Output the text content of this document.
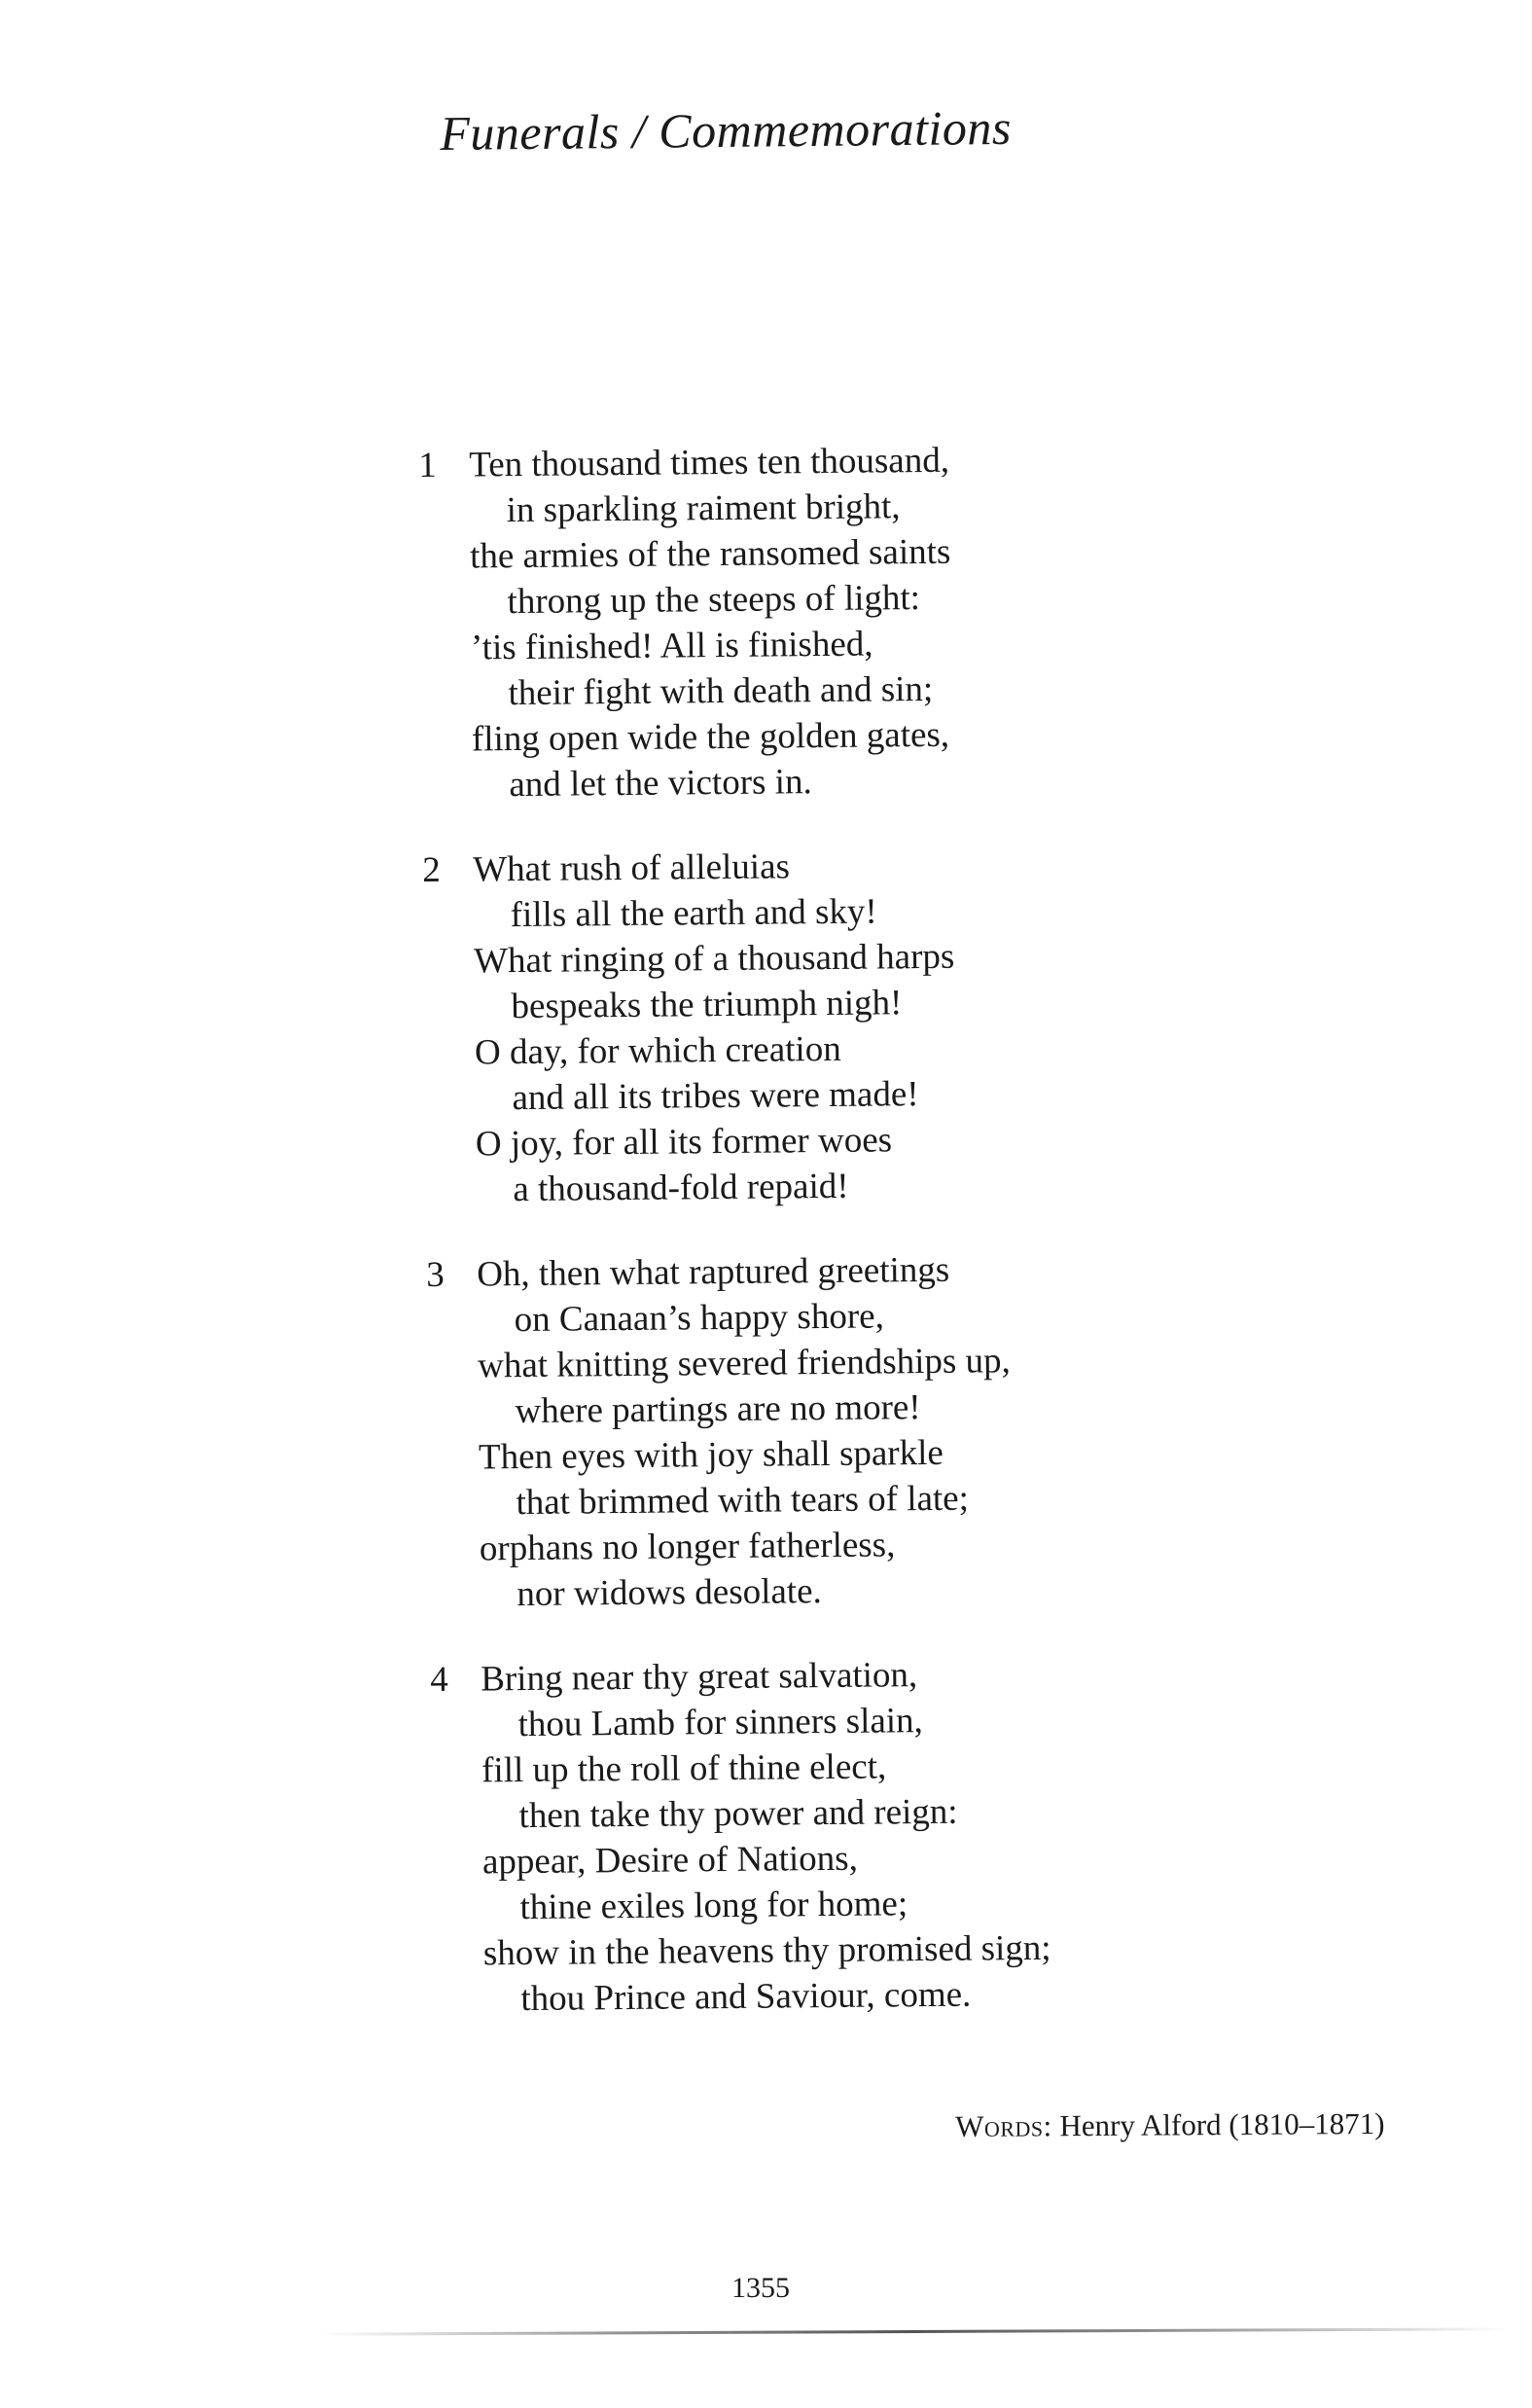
Funerals / Commemorations
1 Ten thousand times ten thousand,
in sparkling raiment bright,
the armies of the ransomed saints
throng up the steeps of light:
’tis finished! All is finished,
their fight with death and sin;
fling open wide the golden gates,
and let the victors in.
2 What rush of alleluias
fills all the earth and sky!
What ringing of a thousand harps
bespeaks the triumph nigh!
O day, for which creation
and all its tribes were made!
O joy, for all its former woes
a thousand-fold repaid!
3 Oh, then what raptured greetings
on Canaan’s happy shore,
what knitting severed friendships up,
where partings are no more!
Then eyes with joy shall sparkle
that brimmed with tears of late;
orphans no longer fatherless,
nor widows desolate.
4 Bring near thy great salvation,
thou Lamb for sinners slain,
fill up the roll of thine elect,
then take thy power and reign:
appear, Desire of Nations,
thine exiles long for home;
show in the heavens thy promised sign;
thou Prince and Saviour, come.
Words: Henry Alford (1810–1871)
1355
